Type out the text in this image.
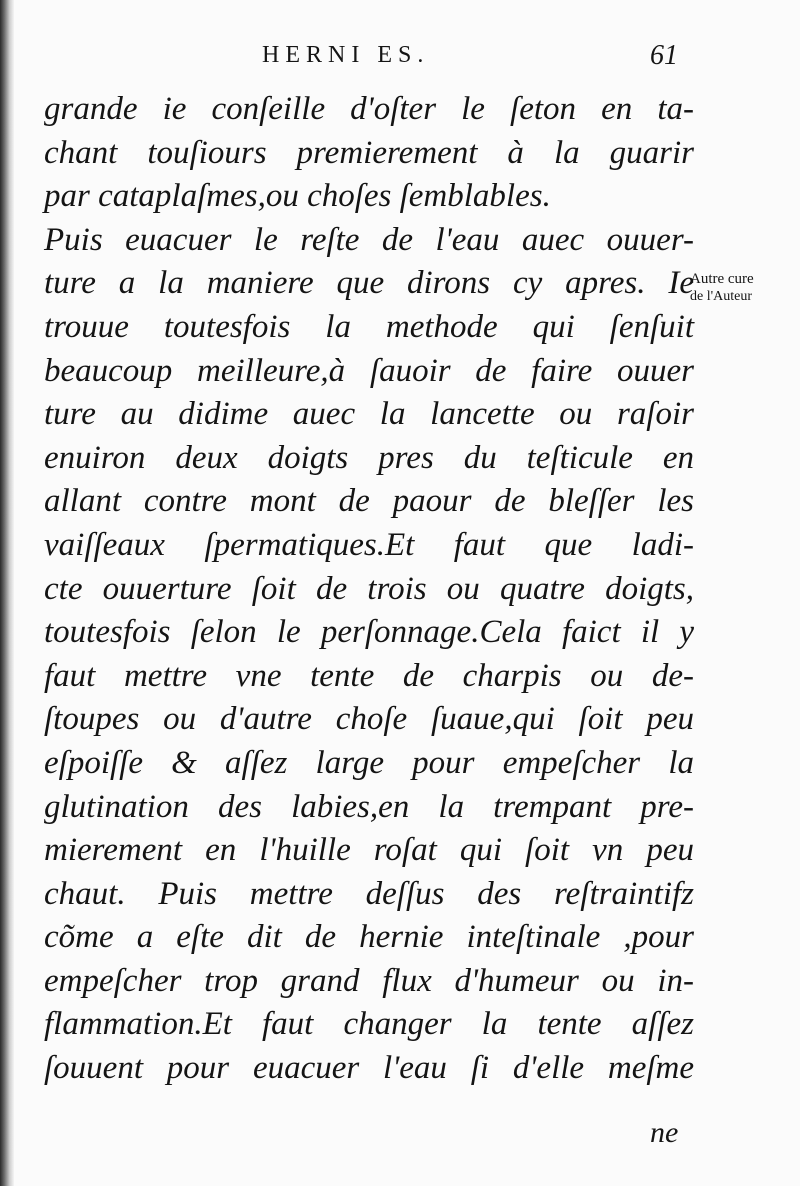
HERNI ES.	61
grande ie conſeille d'oſter le ſeton en ta-
chant touſiours premierement à la guarir
par cataplaſmes,ou choſes ſemblables.
Puis euacuer le reſte de l'eau auec ouuer-
ture a la maniere que dirons cy apres. Ie
trouue toutesfois la methode qui ſenſuit
beaucoup meilleure,à ſauoir de faire ouuer
ture au didime auec la lancette ou raſoir
enuiron deux doigts pres du teſticule en
allant contre mont de paour de bleſſer les
vaiſſeaux ſpermatiques.Et faut que ladi-
cte ouuerture ſoit de trois ou quatre doigts,
toutesfois ſelon le perſonnage.Cela faict il y
faut mettre vne tente de charpis ou de-
ſtoupes ou d'autre choſe ſuaue,qui ſoit peu
eſpoiſſe & aſſez large pour empeſcher la
glutination des labies,en la trempant pre-
mierement en l'huille roſat qui ſoit vn peu
chaut. Puis mettre deſſus des reſtraintifz
cõme a eſte dit de hernie inteſtinale ,pour
empeſcher trop grand flux d'humeur ou in-
flammation.Et faut changer la tente aſſez
ſouuent pour euacuer l'eau ſi d'elle meſme
Autre cure
de l'Auteur
ne
